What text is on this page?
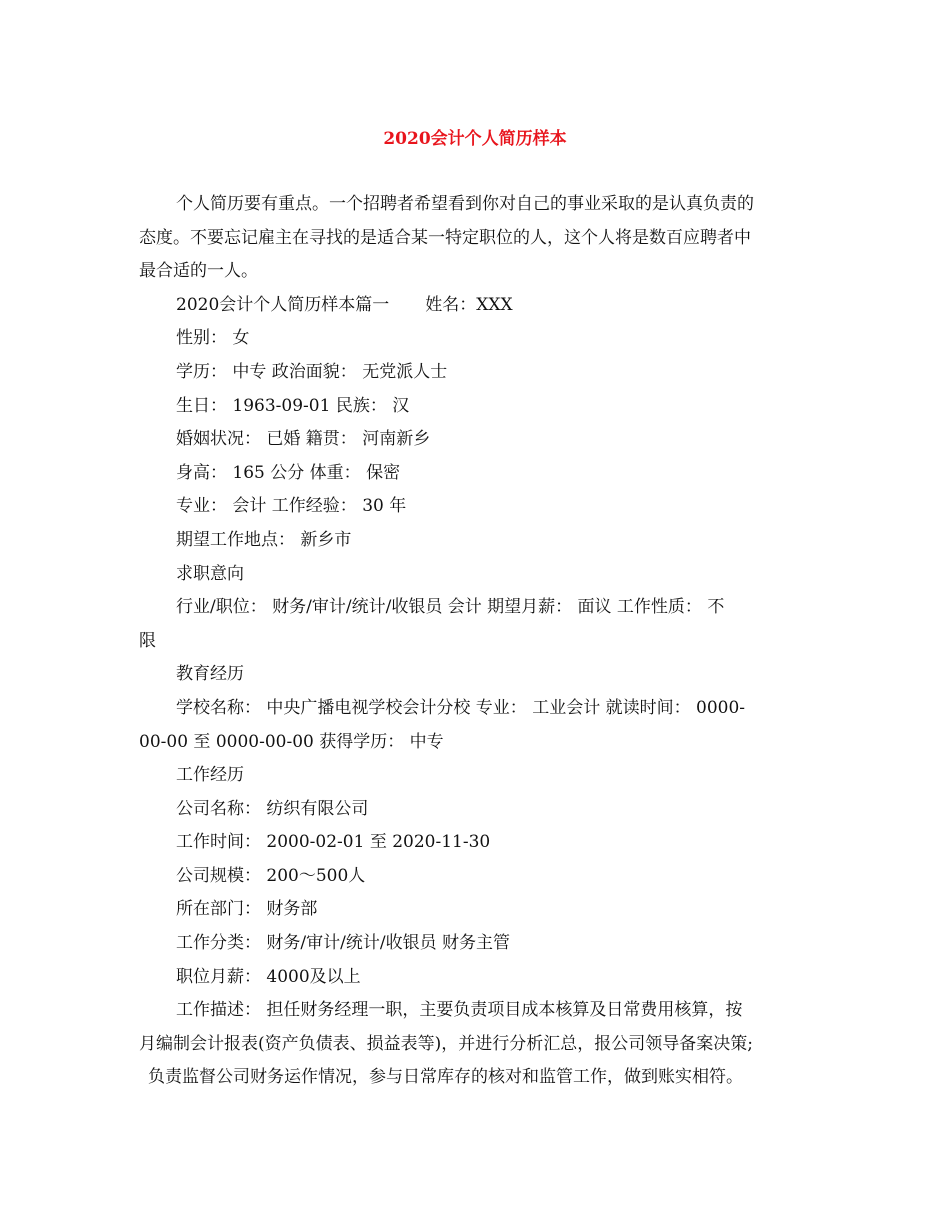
2020会计个人简历样本
个人简历要有重点。一个招聘者希望看到你对自己的事业采取的是认真负责的
态度。不要忘记雇主在寻找的是适合某一特定职位的人，这个人将是数百应聘者中
最合适的一人。
2020会计个人简历样本篇一 姓名：XXX
性别： 女
学历： 中专 政治面貌： 无党派人士
生日： 1963-09-01 民族： 汉
婚姻状况： 已婚 籍贯： 河南新乡
身高： 165 公分 体重： 保密
专业： 会计 工作经验： 30 年
期望工作地点： 新乡市
求职意向
行业/职位： 财务/审计/统计/收银员 会计 期望月薪： 面议 工作性质： 不
限
教育经历
学校名称： 中央广播电视学校会计分校 专业： 工业会计 就读时间： 0000-
00-00 至 0000-00-00 获得学历： 中专
工作经历
公司名称： 纺织有限公司
工作时间： 2000-02-01 至 2020-11-30
公司规模： 200～500人
所在部门： 财务部
工作分类： 财务/审计/统计/收银员 财务主管
职位月薪： 4000及以上
工作描述： 担任财务经理一职，主要负责项目成本核算及日常费用核算，按
月编制会计报表(资产负债表、损益表等)，并进行分析汇总，报公司领导备案决策;
负责监督公司财务运作情况，参与日常库存的核对和监管工作，做到账实相符。
